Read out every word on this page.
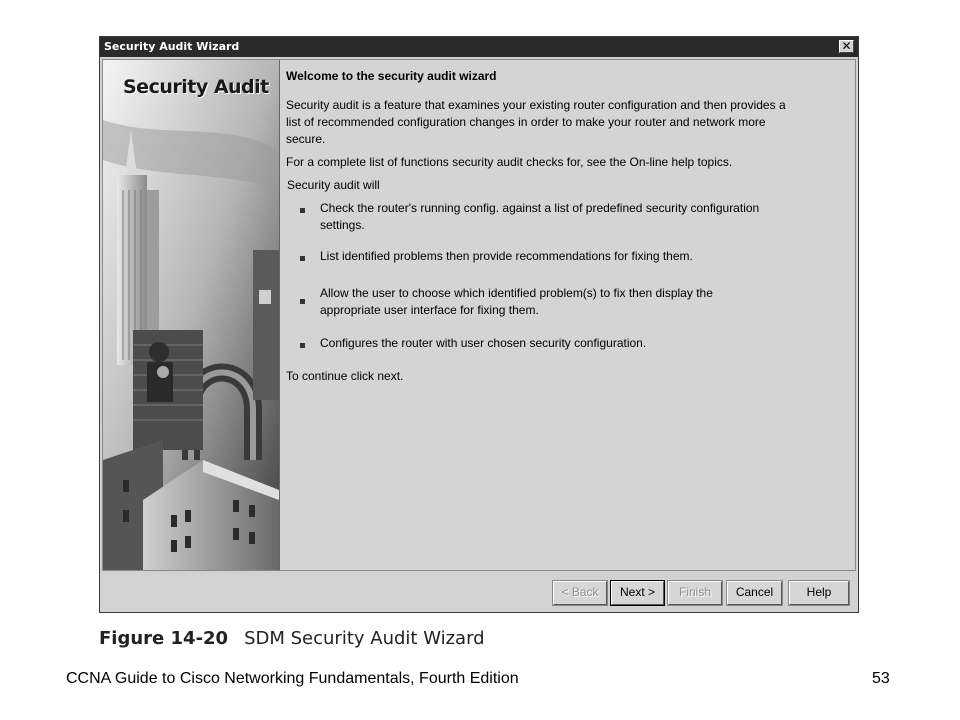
Security Audit Wizard	✕
Security Audit Welcome to the security audit wizard
Security audit is a feature that examines your existing router configuration and then provides a list of recommended configuration changes in order to make your router and network more secure.
For a complete list of functions security audit checks for, see the On-line help topics.
Security audit will
Check the router's running config. against a list of predefined security configuration settings.
List identified problems then provide recommendations for fixing them.
Allow the user to choose which identified problem(s) to fix then display the appropriate user interface for fixing them.
Configures the router with user chosen security configuration.
To continue click next.
< Back	Next >	Finish	Cancel	Help
Figure 14-20 SDM Security Audit Wizard
CCNA Guide to Cisco Networking Fundamentals, Fourth Edition	53
